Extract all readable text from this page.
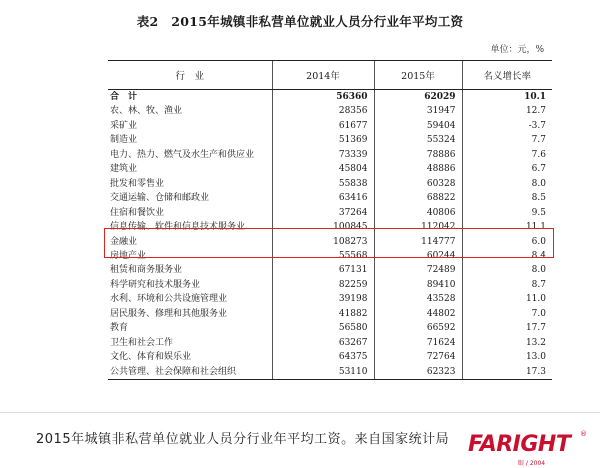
表2　2015年城镇非私营单位就业人员分行业年平均工资
单位：元，%
行　业	2014年	2015年	名义增长率
合　计	56360	62029	10.1
农、林、牧、渔业	28356	31947	12.7
采矿业	61677	59404	-3.7
制造业	51369	55324	7.7
电力、热力、燃气及水生产和供应业	73339	78886	7.6
建筑业	45804	48886	6.7
批发和零售业	55838	60328	8.0
交通运输、仓储和邮政业	63416	68822	8.5
住宿和餐饮业	37264	40806	9.5
信息传输、软件和信息技术服务业	100845	112042	11.1
金融业	108273	114777	6.0
房地产业	55568	60244	8.4
租赁和商务服务业	67131	72489	8.0
科学研究和技术服务业	82259	89410	8.7
水利、环境和公共设施管理业	39198	43528	11.0
居民服务、修理和其他服务业	41882	44802	7.0
教育	56580	66592	17.7
卫生和社会工作	63267	71624	13.2
文化、体育和娱乐业	64375	72764	13.0
公共管理、社会保障和社会组织	53110	62323	17.3
2015年城镇非私营单位就业人员分行业年平均工资。来自国家统计局 FARIGHT
眼 / 2004
®
